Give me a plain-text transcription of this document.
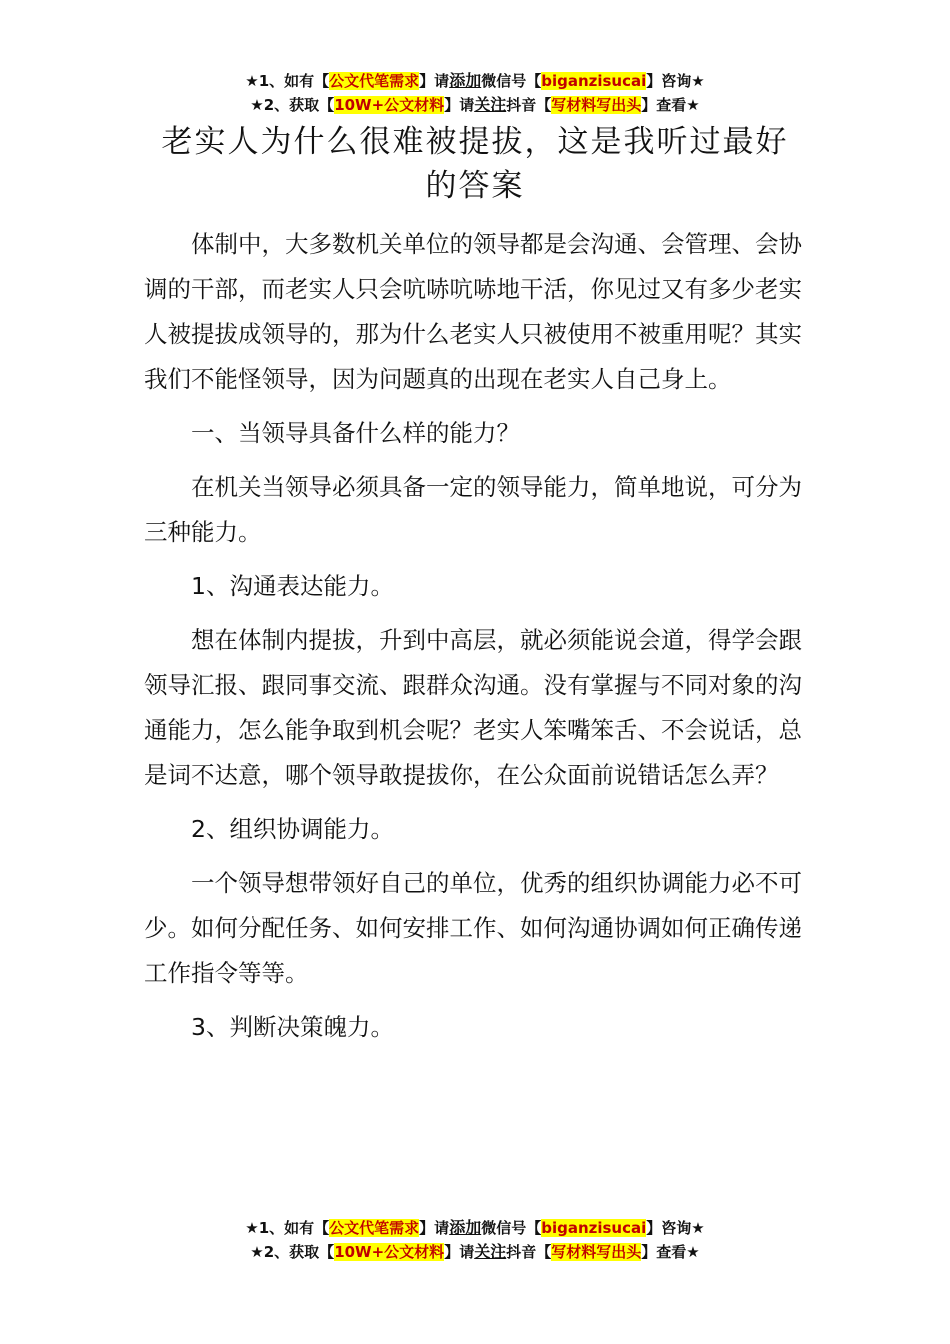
★1、如有【公文代笔需求】请添加微信号【biganzisucai】咨询★
★2、获取【10W+公文材料】请关注抖音【写材料写出头】查看★
老实人为什么很难被提拔，这是我听过最好
的答案

体制中，大多数机关单位的领导都是会沟通、会管理、会协调的干部，而老实人只会吭哧吭哧地干活，你见过又有多少老实人被提拔成领导的，那为什么老实人只被使用不被重用呢？其实我们不能怪领导，因为问题真的出现在老实人自己身上。

一、当领导具备什么样的能力？

在机关当领导必须具备一定的领导能力，简单地说，可分为三种能力。

1、沟通表达能力。

想在体制内提拔，升到中高层，就必须能说会道，得学会跟领导汇报、跟同事交流、跟群众沟通。没有掌握与不同对象的沟通能力，怎么能争取到机会呢？老实人笨嘴笨舌、不会说话，总是词不达意，哪个领导敢提拔你，在公众面前说错话怎么弄？

2、组织协调能力。

一个领导想带领好自己的单位，优秀的组织协调能力必不可少。如何分配任务、如何安排工作、如何沟通协调如何正确传递工作指令等等。

3、判断决策魄力。

★1、如有【公文代笔需求】请添加微信号【biganzisucai】咨询★
★2、获取【10W+公文材料】请关注抖音【写材料写出头】查看★
